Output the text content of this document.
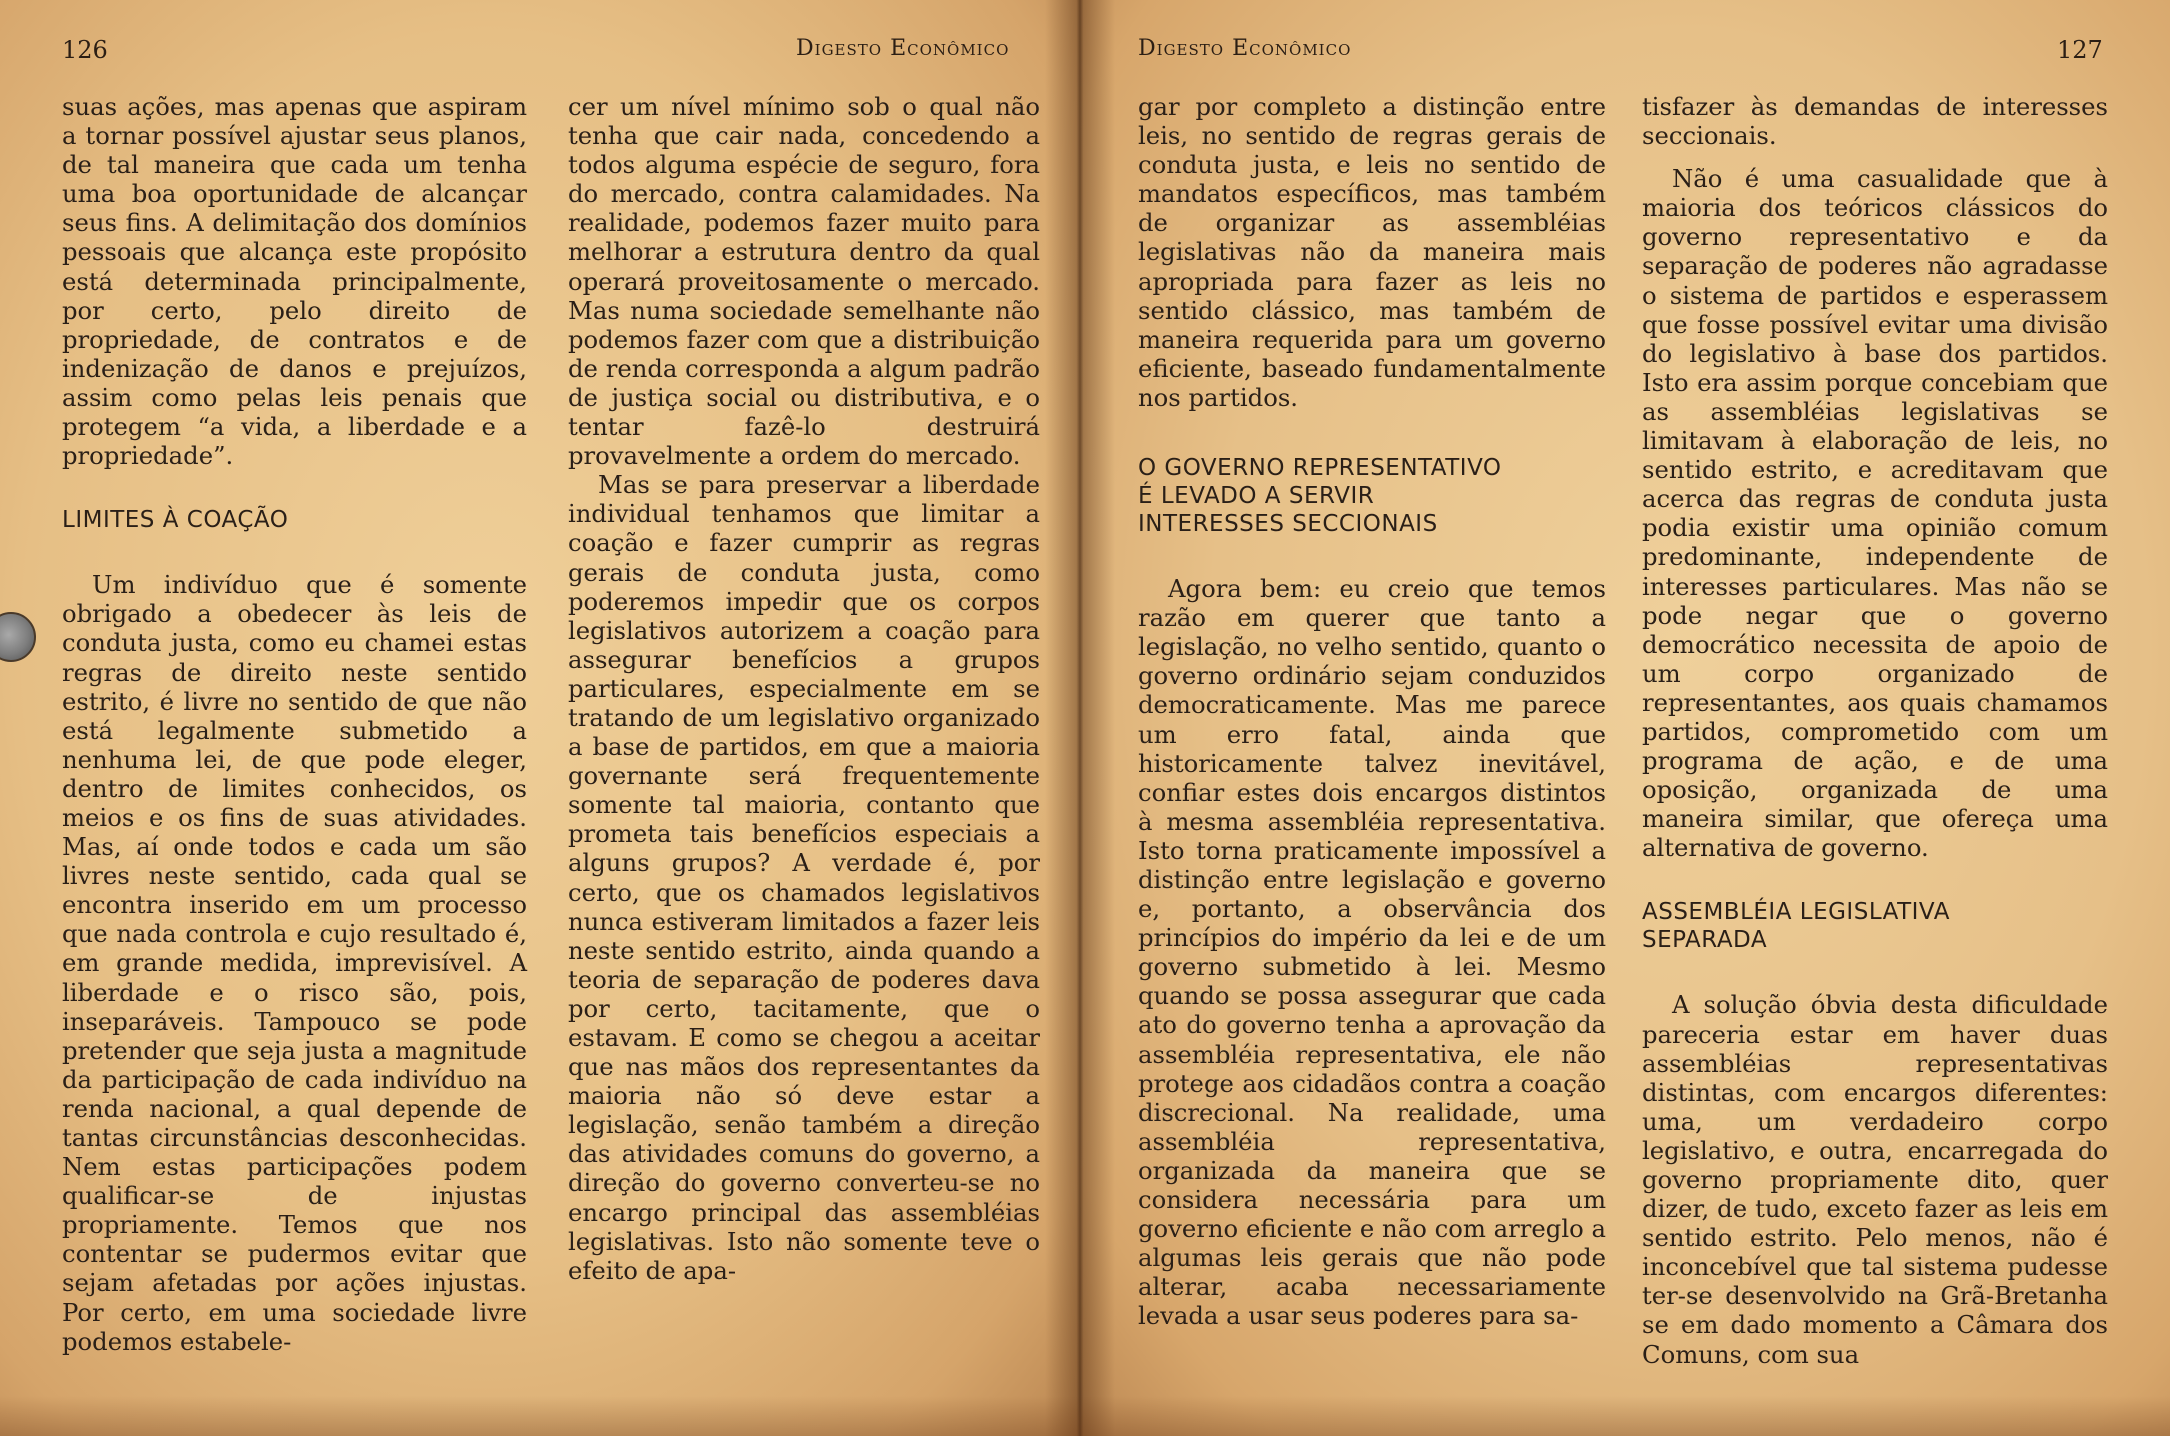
126	Digesto Econômico

suas ações, mas apenas que aspiram a tornar possível ajustar seus planos, de tal maneira que cada um tenha uma boa oportunidade de alcançar seus fins. A delimitação dos domínios pessoais que alcança este propósito está determinada principalmente, por certo, pelo direito de propriedade, de contratos e de indenização de danos e prejuízos, assim como pelas leis penais que protegem “a vida, a liberdade e a propriedade”.

LIMITES À COAÇÃO

Um indivíduo que é somente obrigado a obedecer às leis de conduta justa, como eu chamei estas regras de direito neste sentido estrito, é livre no sentido de que não está legalmente submetido a nenhuma lei, de que pode eleger, dentro de limites conhecidos, os meios e os fins de suas atividades. Mas, aí onde todos e cada um são livres neste sentido, cada qual se encontra inserido em um processo que nada controla e cujo resultado é, em grande medida, imprevisível. A liberdade e o risco são, pois, inseparáveis. Tampouco se pode pretender que seja justa a magnitude da participação de cada indivíduo na renda nacional, a qual depende de tantas circunstâncias desconhecidas. Nem estas participações podem qualificar-se de injustas propriamente. Temos que nos contentar se pudermos evitar que sejam afetadas por ações injustas. Por certo, em uma sociedade livre podemos estabele-

cer um nível mínimo sob o qual não tenha que cair nada, concedendo a todos alguma espécie de seguro, fora do mercado, contra calamidades. Na realidade, podemos fazer muito para melhorar a estrutura dentro da qual operará proveitosamente o mercado. Mas numa sociedade semelhante não podemos fazer com que a distribuição de renda corresponda a algum padrão de justiça social ou distributiva, e o tentar fazê-lo destruirá provavelmente a ordem do mercado.

Mas se para preservar a liberdade individual tenhamos que limitar a coação e fazer cumprir as regras gerais de conduta justa, como poderemos impedir que os corpos legislativos autorizem a coação para assegurar benefícios a grupos particulares, especialmente em se tratando de um legislativo organizado a base de partidos, em que a maioria governante será frequentemente somente tal maioria, contanto que prometa tais benefícios especiais a alguns grupos? A verdade é, por certo, que os chamados legislativos nunca estiveram limitados a fazer leis neste sentido estrito, ainda quando a teoria de separação de poderes dava por certo, tacitamente, que o estavam. E como se chegou a aceitar que nas mãos dos representantes da maioria não só deve estar a legislação, senão também a direção das atividades comuns do governo, a direção do governo converteu-se no encargo principal das assembléias legislativas. Isto não somente teve o efeito de apa-

Digesto Econômico	127

gar por completo a distinção entre leis, no sentido de regras gerais de conduta justa, e leis no sentido de mandatos específicos, mas também de organizar as assembléias legislativas não da maneira mais apropriada para fazer as leis no sentido clássico, mas também de maneira requerida para um governo eficiente, baseado fundamentalmente nos partidos.

O GOVERNO REPRESENTATIVO
É LEVADO A SERVIR
INTERESSES SECCIONAIS

Agora bem: eu creio que temos razão em querer que tanto a legislação, no velho sentido, quanto o governo ordinário sejam conduzidos democraticamente. Mas me parece um erro fatal, ainda que historicamente talvez inevitável, confiar estes dois encargos distintos à mesma assembléia representativa. Isto torna praticamente impossível a distinção entre legislação e governo e, portanto, a observância dos princípios do império da lei e de um governo submetido à lei. Mesmo quando se possa assegurar que cada ato do governo tenha a aprovação da assembléia representativa, ele não protege aos cidadãos contra a coação discrecional. Na realidade, uma assembléia representativa, organizada da maneira que se considera necessária para um governo eficiente e não com arreglo a algumas leis gerais que não pode alterar, acaba necessariamente levada a usar seus poderes para sa-

tisfazer às demandas de interesses seccionais.

Não é uma casualidade que à maioria dos teóricos clássicos do governo representativo e da separação de poderes não agradasse o sistema de partidos e esperassem que fosse possível evitar uma divisão do legislativo à base dos partidos. Isto era assim porque concebiam que as assembléias legislativas se limitavam à elaboração de leis, no sentido estrito, e acreditavam que acerca das regras de conduta justa podia existir uma opinião comum predominante, independente de interesses particulares. Mas não se pode negar que o governo democrático necessita de apoio de um corpo organizado de representantes, aos quais chamamos partidos, comprometido com um programa de ação, e de uma oposição, organizada de uma maneira similar, que ofereça uma alternativa de governo.

ASSEMBLÉIA LEGISLATIVA
SEPARADA

A solução óbvia desta dificuldade pareceria estar em haver duas assembléias representativas distintas, com encargos diferentes: uma, um verdadeiro corpo legislativo, e outra, encarregada do governo propriamente dito, quer dizer, de tudo, exceto fazer as leis em sentido estrito. Pelo menos, não é inconcebível que tal sistema pudesse ter-se desenvolvido na Grã-Bretanha se em dado momento a Câmara dos Comuns, com sua
